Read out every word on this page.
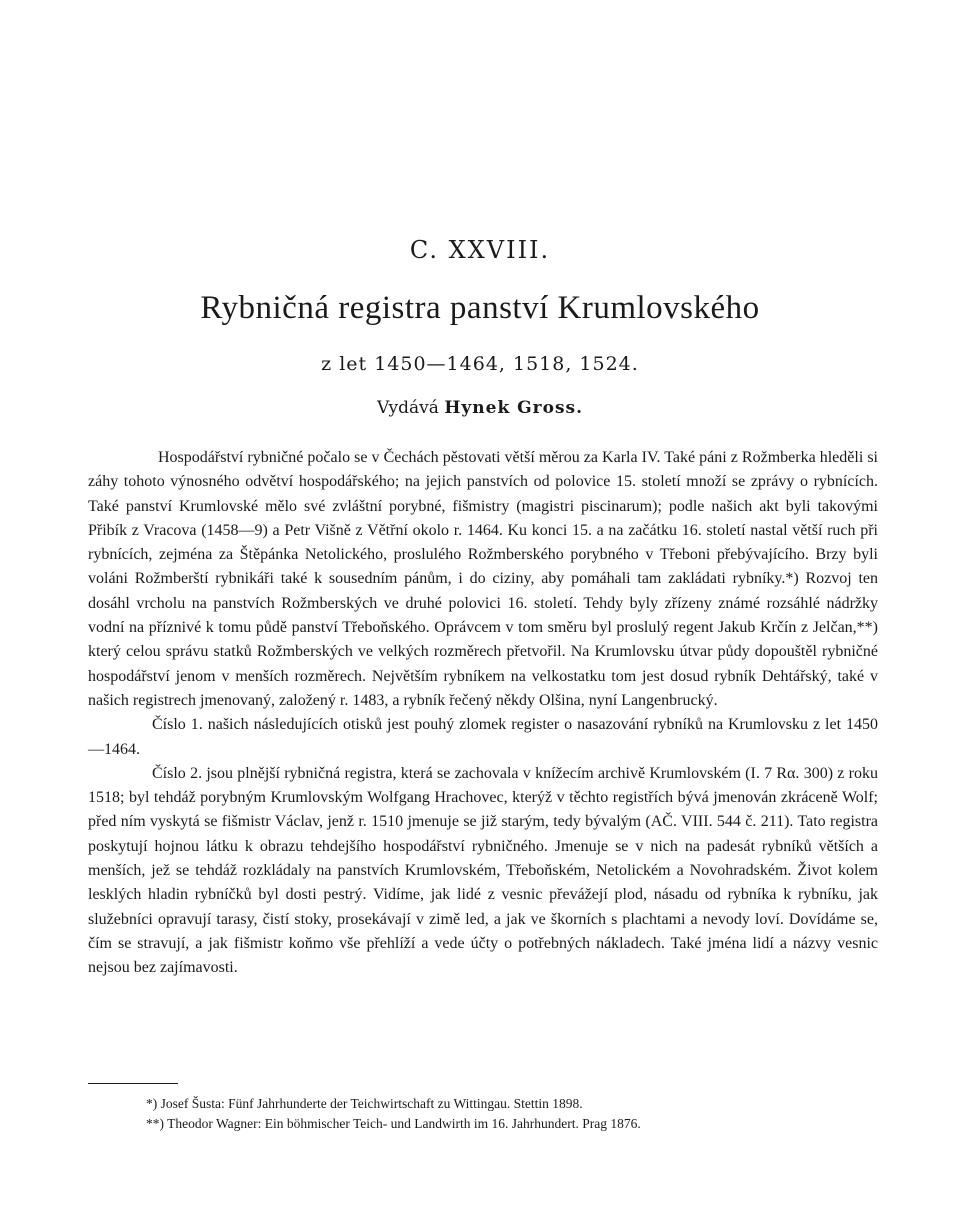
C. XXVIII.
Rybničná registra panství Krumlovského
z let 1450—1464, 1518, 1524.
Vydává Hynek Gross.

Hospodářství rybničné počalo se v Čechách pěstovati větší měrou za Karla IV. Také páni z Rožmberka hleděli si záhy tohoto výnosného odvětví hospodářského; na jejich panstvích od polovice 15. století množí se zprávy o rybnících. Také panství Krumlovské mělo své zvláštní porybné, fišmistry (magistri piscinarum); podle našich akt byli takovými Přibík z Vracova (1458—9) a Petr Višně z Větřní okolo r. 1464. Ku konci 15. a na začátku 16. století nastal větší ruch při rybnících, zejména za Štěpánka Netolického, proslulého Rožmberského porybného v Třeboni přebývajícího. Brzy byli voláni Rožmberští rybnikáři také k sousedním pánům, i do ciziny, aby pomáhali tam zakládati rybníky.*) Rozvoj ten dosáhl vrcholu na panstvích Rožmberských ve druhé polovici 16. století. Tehdy byly zřízeny známé rozsáhlé nádržky vodní na příznivé k tomu půdě panství Třeboňského. Oprávcem v tom směru byl proslulý regent Jakub Krčín z Jelčan,**) který celou správu statků Rožmberských ve velkých rozměrech přetvořil. Na Krumlovsku útvar půdy dopouštěl rybničné hospodářství jenom v menších rozměrech. Největším rybníkem na velkostatku tom jest dosud rybník Dehtářský, také v našich registrech jmenovaný, založený r. 1483, a rybník řečený někdy Olšina, nyní Langenbrucký.

Číslo 1. našich následujících otisků jest pouhý zlomek register o nasazování rybníků na Krumlovsku z let 1450—1464.

Číslo 2. jsou plnější rybničná registra, která se zachovala v knížecím archivě Krumlovském (I. 7 Rα. 300) z roku 1518; byl tehdáž porybným Krumlovským Wolfgang Hrachovec, kterýž v těchto registřích bývá jmenován zkráceně Wolf; před ním vyskytá se fišmistr Václav, jenž r. 1510 jmenuje se již starým, tedy bývalým (AČ. VIII. 544 č. 211). Tato registra poskytují hojnou látku k obrazu tehdejšího hospodářství rybničného. Jmenuje se v nich na padesát rybníků větších a menších, jež se tehdáž rozkládaly na panstvích Krumlovském, Třeboňském, Netolickém a Novohradském. Život kolem lesklých hladin rybníčků byl dosti pestrý. Vidíme, jak lidé z vesnic převážejí plod, násadu od rybníka k rybníku, jak služebníci opravují tarasy, čistí stoky, prosekávají v zimě led, a jak ve škorních s plachtami a nevody loví. Dovídáme se, čím se stravují, a jak fišmistr koňmo vše přehlíží a vede účty o potřebných nákladech. Také jména lidí a názvy vesnic nejsou bez zajímavosti.

*) Josef Šusta: Fünf Jahrhunderte der Teichwirtschaft zu Wittingau. Stettin 1898.
**) Theodor Wagner: Ein böhmischer Teich- und Landwirth im 16. Jahrhundert. Prag 1876.
